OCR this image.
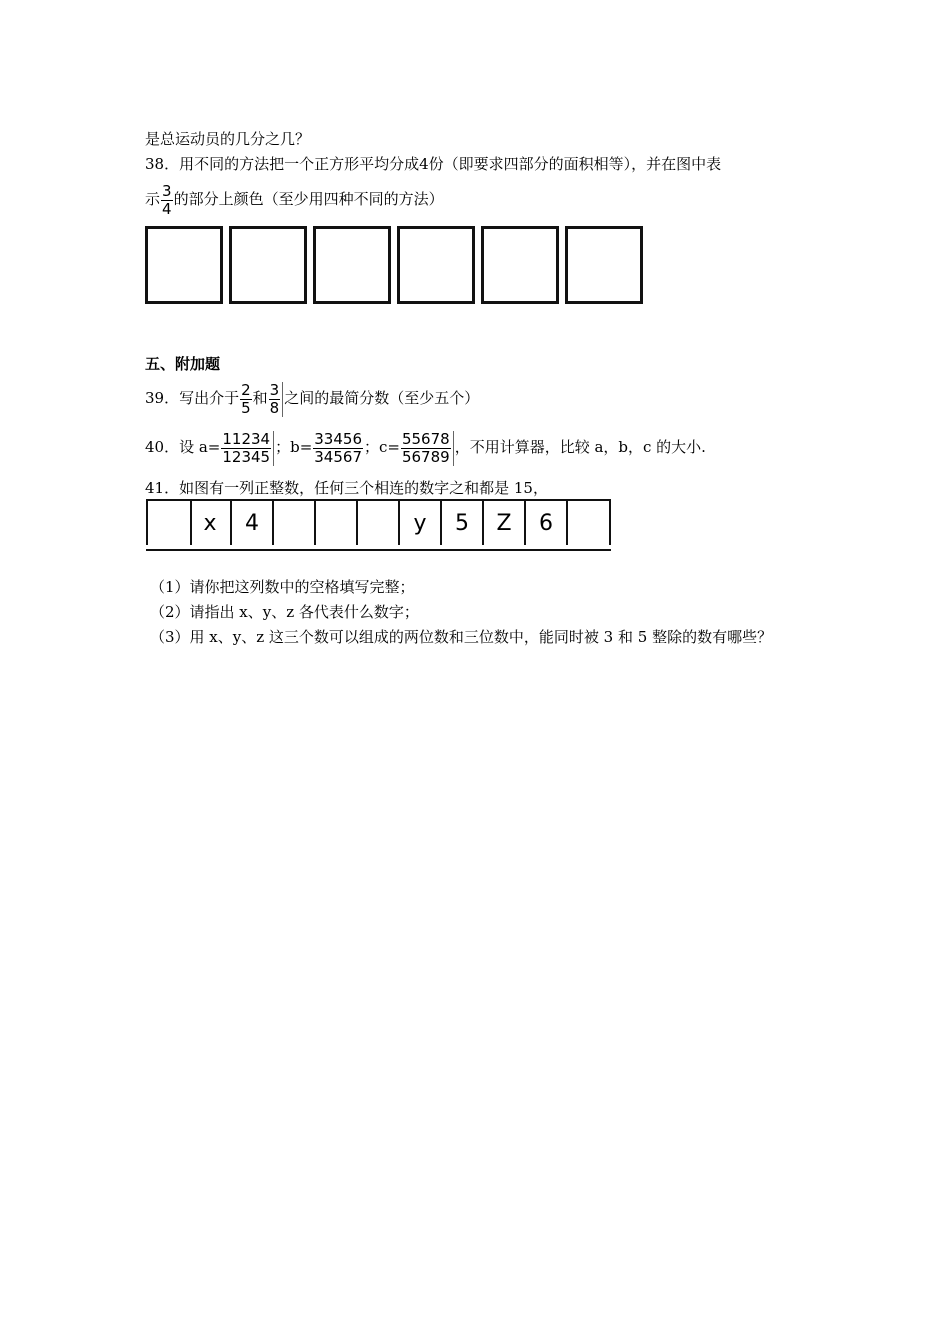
是总运动员的几分之几？
38．用不同的方法把一个正方形平均分成4份（即要求四部分的面积相等），并在图中表
示 $\frac{3}{4}$ 的部分上颜色（至少用四种不同的方法）
五、附加题
39．写出介于 $\frac{2}{5}$ 和 $\frac{3}{8}$ 之间的最简分数（至少五个）
40．设 $a= \frac{11234}{12345}$ ；$b= \frac{33456}{34567}$ ；$c= \frac{55678}{56789}$ ，不用计算器，比较 a，b，c 的大小.
41．如图有一列正整数，任何三个相连的数字之和都是 15，
x	4	y	5	Z	6
（1）请你把这列数中的空格填写完整；
（2）请指出 x、y、z 各代表什么数字；
（3）用 x、y、z 这三个数可以组成的两位数和三位数中，能同时被 3 和 5 整除的数有哪些？
